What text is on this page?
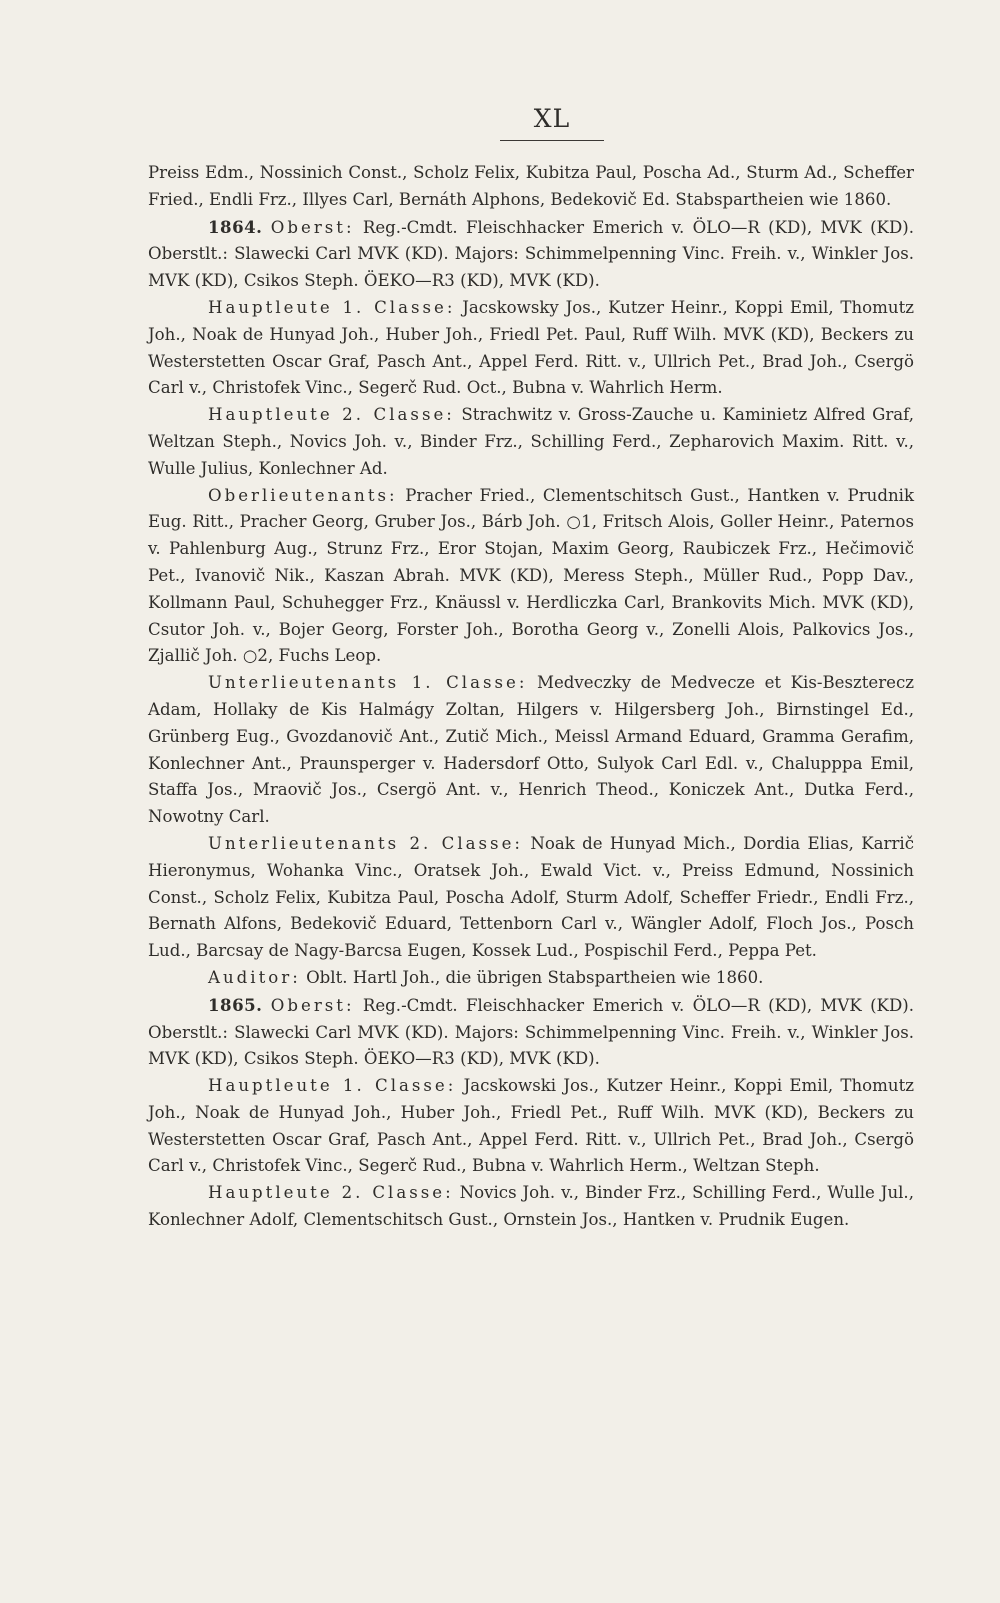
XL

Preiss Edm., Nossinich Const., Scholz Felix, Kubitza Paul, Poscha Ad., Sturm Ad., Scheffer Fried., Endli Frz., Illyes Carl, Bernáth Alphons, Bedekovič Ed. Stabspartheien wie 1860.

1864. Oberst: Reg.-Cmdt. Fleischhacker Emerich v. ÖLO—R (KD), MVK (KD). Oberstlt.: Slawecki Carl MVK (KD). Majors: Schimmelpenning Vinc. Freih. v., Winkler Jos. MVK (KD), Csikos Steph. ÖEKO—R3 (KD), MVK (KD).

Hauptleute 1. Classe: Jacskowsky Jos., Kutzer Heinr., Koppi Emil, Thomutz Joh., Noak de Hunyad Joh., Huber Joh., Friedl Pet. Paul, Ruff Wilh. MVK (KD), Beckers zu Westerstetten Oscar Graf, Pasch Ant., Appel Ferd. Ritt. v., Ullrich Pet., Brad Joh., Csergö Carl v., Christofek Vinc., Segerč Rud. Oct., Bubna v. Wahrlich Herm.

Hauptleute 2. Classe: Strachwitz v. Gross-Zauche u. Kaminietz Alfred Graf, Weltzan Steph., Novics Joh. v., Binder Frz., Schilling Ferd., Zepharovich Maxim. Ritt. v., Wulle Julius, Konlechner Ad.

Oberlieutenants: Pracher Fried., Clementschitsch Gust., Hantken v. Prudnik Eug. Ritt., Pracher Georg, Gruber Jos., Bárb Joh. ○1, Fritsch Alois, Goller Heinr., Paternos v. Pahlenburg Aug., Strunz Frz., Eror Stojan, Maxim Georg, Raubiczek Frz., Hečimovič Pet., Ivanovič Nik., Kaszan Abrah. MVK (KD), Meress Steph., Müller Rud., Popp Dav., Kollmann Paul, Schuhegger Frz., Knäussl v. Herdliczka Carl, Brankovits Mich. MVK (KD), Csutor Joh. v., Bojer Georg, Forster Joh., Borotha Georg v., Zonelli Alois, Palkovics Jos., Zjallič Joh. ○2, Fuchs Leop.

Unterlieutenants 1. Classe: Medveczky de Medvecze et Kis-Beszterecz Adam, Hollaky de Kis Halmágy Zoltan, Hilgers v. Hilgersberg Joh., Birnstingel Ed., Grünberg Eug., Gvozdanovič Ant., Zutič Mich., Meissl Armand Eduard, Gramma Gerafim, Konlechner Ant., Praunsperger v. Hadersdorf Otto, Sulyok Carl Edl. v., Chalupppa Emil, Staffa Jos., Mraovič Jos., Csergö Ant. v., Henrich Theod., Koniczek Ant., Dutka Ferd., Nowotny Carl.

Unterlieutenants 2. Classe: Noak de Hunyad Mich., Dordia Elias, Karrič Hieronymus, Wohanka Vinc., Oratsek Joh., Ewald Vict. v., Preiss Edmund, Nossinich Const., Scholz Felix, Kubitza Paul, Poscha Adolf, Sturm Adolf, Scheffer Friedr., Endli Frz., Bernath Alfons, Bedekovič Eduard, Tettenborn Carl v., Wängler Adolf, Floch Jos., Posch Lud., Barcsay de Nagy-Barcsa Eugen, Kossek Lud., Pospischil Ferd., Peppa Pet.

Auditor: Oblt. Hartl Joh., die übrigen Stabspartheien wie 1860.

1865. Oberst: Reg.-Cmdt. Fleischhacker Emerich v. ÖLO—R (KD), MVK (KD). Oberstlt.: Slawecki Carl MVK (KD). Majors: Schimmelpenning Vinc. Freih. v., Winkler Jos. MVK (KD), Csikos Steph. ÖEKO—R3 (KD), MVK (KD).

Hauptleute 1. Classe: Jacskowski Jos., Kutzer Heinr., Koppi Emil, Thomutz Joh., Noak de Hunyad Joh., Huber Joh., Friedl Pet., Ruff Wilh. MVK (KD), Beckers zu Westerstetten Oscar Graf, Pasch Ant., Appel Ferd. Ritt. v., Ullrich Pet., Brad Joh., Csergö Carl v., Christofek Vinc., Segerč Rud., Bubna v. Wahrlich Herm., Weltzan Steph.

Hauptleute 2. Classe: Novics Joh. v., Binder Frz., Schilling Ferd., Wulle Jul., Konlechner Adolf, Clementschitsch Gust., Ornstein Jos., Hantken v. Prudnik Eugen.
